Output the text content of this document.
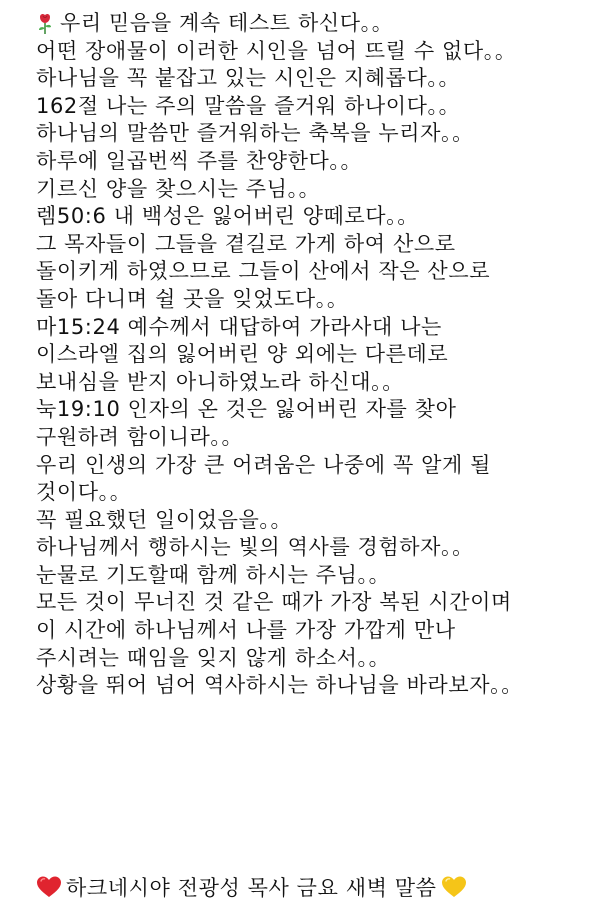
우리 믿음을 계속 테스트 하신다。。
어떤 장애물이 이러한 시인을 넘어 뜨릴 수 없다。。
하나님을 꼭 붙잡고 있는 시인은 지혜롭다。。
162절 나는 주의 말씀을 즐거워 하나이다。。
하나님의 말씀만 즐거워하는 축복을 누리자。。
하루에 일곱번씩 주를 찬양한다。。
기르신 양을 찾으시는 주님。。
렘50:6 내 백성은 잃어버린 양떼로다。。
그 목자들이 그들을 곁길로 가게 하여 산으로
돌이키게 하였으므로 그들이 산에서 작은 산으로
돌아 다니며 쉴 곳을 잊었도다。。
마15:24 예수께서 대답하여 가라사대 나는
이스라엘 집의 잃어버린 양 외에는 다른데로
보내심을 받지 아니하였노라 하신대。。
눅19:10 인자의 온 것은 잃어버린 자를 찾아
구원하려 함이니라。。
우리 인생의 가장 큰 어려움은 나중에 꼭 알게 될
것이다。。
꼭 필요했던 일이었음을。。
하나님께서 행하시는 빛의 역사를 경험하자。。
눈물로 기도할때 함께 하시는 주님。。
모든 것이 무너진 것 같은 때가 가장 복된 시간이며
이 시간에 하나님께서 나를 가장 가깝게 만나
주시려는 때임을 잊지 않게 하소서。。
상황을 뛰어 넘어 역사하시는 하나님을 바라보자。。
하크네시야 전광성 목사 금요 새벽 말씀
